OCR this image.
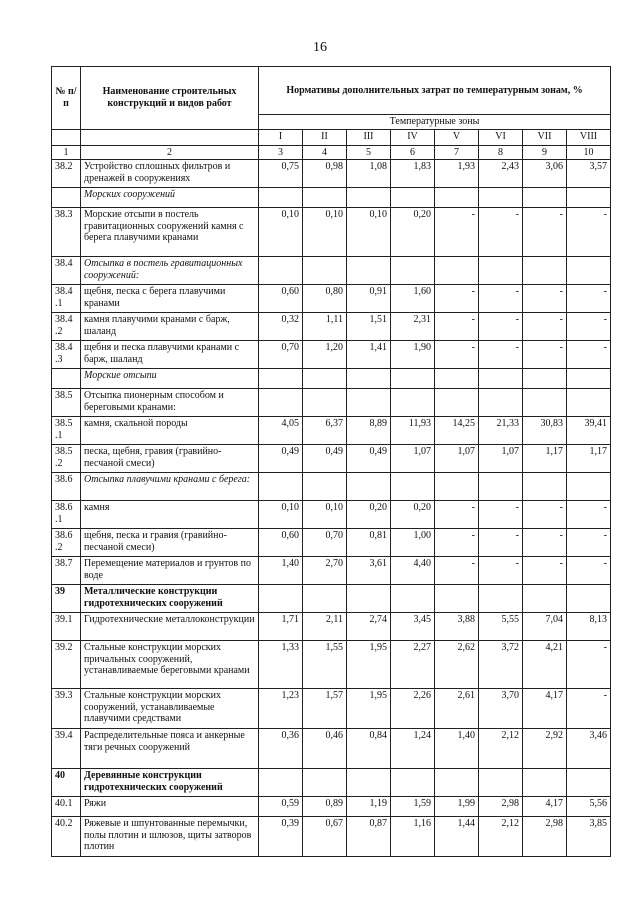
16
№ п/п	Наименование строительных конструкций и видов работ	Нормативы дополнительных затрат по температурным зонам, %							
		Температурные зоны							
		I	II	III	IV	V	VI	VII	VIII
1	2	3	4	5	6	7	8	9	10
38.2	Устройство сплошных фильтров и дренажей в сооружениях	0,75	0,98	1,08	1,83	1,93	2,43	3,06	3,57
	Морских сооружений								
38.3	Морские отсыпи в постель гравитационных сооружений камня с берега плавучими кранами	0,10	0,10	0,10	0,20	-	-	-	-
38.4	Отсыпка в постель гравитационных сооружений:								
38.4 .1	щебня, песка с берега плавучими кранами	0,60	0,80	0,91	1,60	-	-	-	-
38.4 .2	камня плавучими кранами с барж, шаланд	0,32	1,11	1,51	2,31	-	-	-	-
38.4 .3	щебня и песка плавучими кранами с барж, шаланд	0,70	1,20	1,41	1,90	-	-	-	-
	Морские отсыпи								
38.5	Отсыпка пионерным способом и береговыми кранами:								
38.5 .1	камня, скальной породы	4,05	6,37	8,89	11,93	14,25	21,33	30,83	39,41
38.5 .2	песка, щебня, гравия (гравийно-песчаной смеси)	0,49	0,49	0,49	1,07	1,07	1,07	1,17	1,17
38.6	Отсыпка плавучими кранами с берега:								
38.6 .1	камня	0,10	0,10	0,20	0,20	-	-	-	-
38.6 .2	щебня, песка и гравия (гравийно-песчаной смеси)	0,60	0,70	0,81	1,00	-	-	-	-
38.7	Перемещение материалов и грунтов по воде	1,40	2,70	3,61	4,40	-	-	-	-
39	Металлические конструкции гидротехнических сооружений								
39.1	Гидротехнические металлоконструкции	1,71	2,11	2,74	3,45	3,88	5,55	7,04	8,13
39.2	Стальные конструкции морских причальных сооружений, устанавливаемые береговыми кранами	1,33	1,55	1,95	2,27	2,62	3,72	4,21	-
39.3	Стальные конструкции морских сооружений, устанавливаемые плавучими средствами	1,23	1,57	1,95	2,26	2,61	3,70	4,17	-
39.4	Распределительные пояса и анкерные тяги речных сооружений	0,36	0,46	0,84	1,24	1,40	2,12	2,92	3,46
40	Деревянные конструкции гидротехнических сооружений								
40.1	Ряжи	0,59	0,89	1,19	1,59	1,99	2,98	4,17	5,56
40.2	Ряжевые и шпунтованные перемычки, полы плотин и шлюзов, щиты затворов плотин	0,39	0,67	0,87	1,16	1,44	2,12	2,98	3,85
